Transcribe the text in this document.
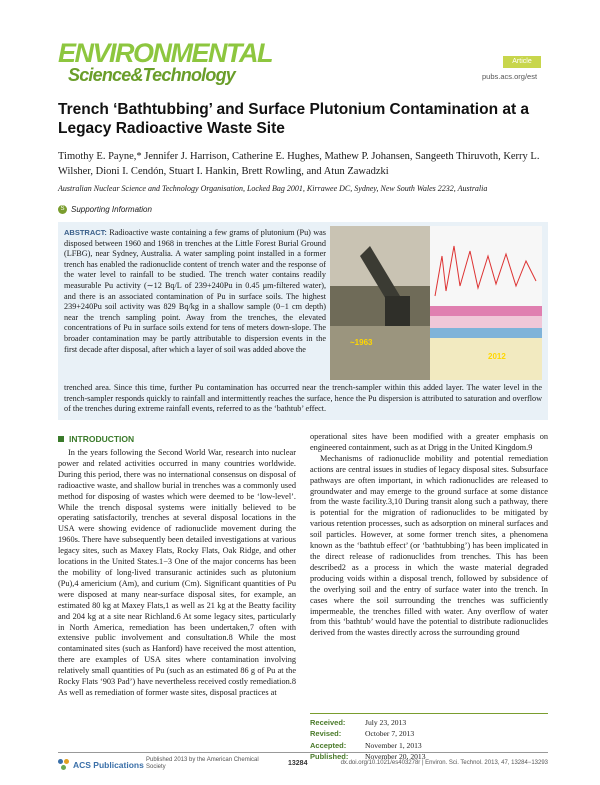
ENVIRONMENTAL
Science&Technology
Article
pubs.acs.org/est
Trench ‘Bathtubbing’ and Surface Plutonium Contamination at a Legacy Radioactive Waste Site
Timothy E. Payne,* Jennifer J. Harrison, Catherine E. Hughes, Mathew P. Johansen, Sangeeth Thiruvoth, Kerry L. Wilsher, Dioni I. Cendón, Stuart I. Hankin, Brett Rowling, and Atun Zawadzki
Australian Nuclear Science and Technology Organisation, Locked Bag 2001, Kirrawee DC, Sydney, New South Wales 2232, Australia
S Supporting Information
ABSTRACT: Radioactive waste containing a few grams of plutonium (Pu) was disposed between 1960 and 1968 in trenches at the Little Forest Burial Ground (LFBG), near Sydney, Australia. A water sampling point installed in a former trench has enabled the radionuclide content of trench water and the response of the water level to rainfall to be studied. The trench water contains readily measurable Pu activity (∼12 Bq/L of 239+240Pu in 0.45 μm-filtered water), and there is an associated contamination of Pu in surface soils. The highest 239+240Pu soil activity was 829 Bq/kg in a shallow sample (0−1 cm depth) near the trench sampling point. Away from the trenches, the elevated concentrations of Pu in surface soils extend for tens of meters down-slope. The broader contamination may be partly attributable to dispersion events in the first decade after disposal, after which a layer of soil was added above the
~1963
2012
trenched area. Since this time, further Pu contamination has occurred near the trench-sampler within this added layer. The water level in the trench-sampler responds quickly to rainfall and intermittently reaches the surface, hence the Pu dispersion is attributed to saturation and overflow of the trenches during extreme rainfall events, referred to as the ‘bathtub’ effect.
INTRODUCTION

In the years following the Second World War, research into nuclear power and related activities occurred in many countries worldwide. During this period, there was no international consensus on disposal of radioactive waste, and shallow burial in trenches was a commonly used method for disposing of wastes which were deemed to be ‘low-level’. While the trench disposal systems were initially believed to be operating satisfactorily, trenches at several disposal locations in the USA were showing evidence of radionuclide movement during the 1960s. There have subsequently been detailed investigations at various legacy sites, such as Maxey Flats, Rocky Flats, Oak Ridge, and other locations in the United States.1−3 One of the major concerns has been the mobility of long-lived transuranic actinides such as plutonium (Pu),4 americium (Am), and curium (Cm). Significant quantities of Pu were disposed at many near-surface disposal sites, for example, an estimated 80 kg at Maxey Flats,1 as well as 21 kg at the Beatty facility and 204 kg at a site near Richland.6 At some legacy sites, particularly in North America, remediation has been undertaken,7 often with extensive public involvement and consultation.8 While the most contaminated sites (such as Hanford) have received the most attention, there are examples of USA sites where contamination involving relatively small quantities of Pu (such as an estimated 86 g of Pu at the Rocky Flats ‘903 Pad’) have nevertheless received costly remediation.8 As well as remediation of former waste sites, disposal practices at

operational sites have been modified with a greater emphasis on engineered containment, such as at Drigg in the United Kingdom.9

Mechanisms of radionuclide mobility and potential remediation actions are central issues in studies of legacy disposal sites. Subsurface pathways are often important, in which radionuclides are released to groundwater and may emerge to the ground surface at some distance from the waste facility.3,10 During transit along such a pathway, there is potential for the migration of radionuclides to be mitigated by various retention processes, such as adsorption on mineral surfaces and soil particles. However, at some former trench sites, a phenomena known as the ‘bathtub effect’ (or ‘bathtubbing’) has been implicated in the direct release of radionuclides from trenches. This has been described2 as a process in which the waste material degraded producing voids within a disposal trench, followed by subsidence of the overlying soil and the entry of surface water into the trench. In cases where the soil surrounding the trenches was sufficiently impermeable, the trenches filled with water. Any overflow of water from this ‘bathtub’ would have the potential to distribute radionuclides derived from the wastes directly across the surrounding ground

Received:	July 23, 2013
Revised:	October 7, 2013
Accepted:	November 1, 2013
Published:	November 20, 2013
ACS Publications Published 2013 by the American Chemical Society	13284	dx.doi.org/10.1021/es403278r | Environ. Sci. Technol. 2013, 47, 13284−13293
